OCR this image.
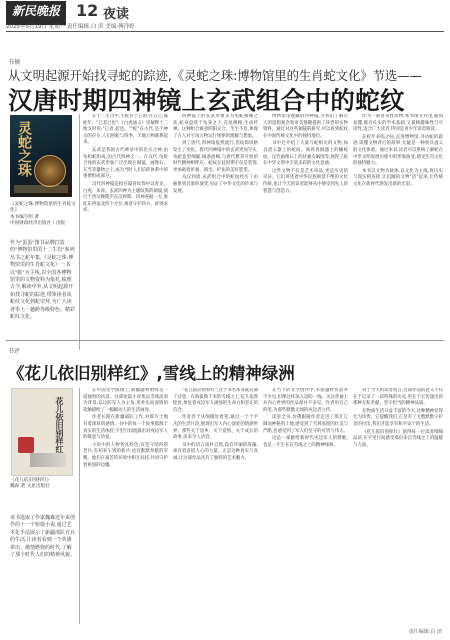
新民晚报 12 夜读
2025年5月19日 星期一 责任编辑:白 滨 美编:傅洋婷
书摘
从文明起源开始找寻蛇的踪迹,《灵蛇之珠:博物馆里的生肖蛇文化》节选——
汉唐时期四神镜上玄武组合中的蛇纹
灵蛇之珠
《灵蛇之珠:博物馆里的生肖蛇文化》
本书编写组 著
中国财政经济出版社 / 出版
作为"蛋蛋"图书品牌打造的"博物馆里的十二生肖"系列丛书之蛇年集,《灵蛇之珠:博物馆里的生肖蛇文化》一书以"蛇"为主线,以全国各博物馆里的文物资料为依托,梳理古今,解读中外,从文明起源开始找寻蛇的踪迹,带领读者从蛇纹文化到蛇崇拜,为广大读者奉上一趟跨等级特色、精彩蛇纹文化。

在十二生肖中,主蛇位于巳时,在五巳,属蛇年。"巳者已也",《白虎通义》里解释十二地支时说:"巳者,起也。""蛇"在古代,是个神圣的存在,人们将蛇与四季、天地万物联系起来。

玄武是我国古代神话中的北方之神,由龟和蛇组成,因古代四神之一。在汉代,龟蛇合体的玄武形象广泛出现在铜镜、画像石、瓦当等器物之上,成为当时人们信仰体系中的重要组成部分。

汉代四神镜是指在镜背纹饰中以青龙、白虎、朱雀、玄武四神为主题纹饰的铜镜,流行于西汉晚期至东汉时期。四神各据一方,象征东西南北四个方位,寓意守护四方、辟邪求祥。

四神镜上的玄武形象多为龟蛇相缠之状,蛇身盘绕于龟身之上,首尾相顾,生动传神。这种组合寓意阴阳交合、生生不息,体现了古人对宇宙万物运行规律的理解与想象。

到了唐代,四神镜依然流行,但纹饰风格发生了变化。唐代四神镜中的玄武更加写实,龟蛇造型细腻,线条流畅,与唐代繁荣开放的时代精神相呼应。蛇纹在此时期不仅是装饰,更承载着祈福、镇宅、护佑的美好愿望。

从汉到唐,玄武组合中的蛇纹经历了由抽象到具象的演变,见证了中华文化的传承与发展。

博物馆里收藏的四神镜,为我们了解古人的思想观念和审美情趣提供了珍贵的实物资料。通过对这些铜镜的研究,可以看到蛇纹在中国传统文化中的独特地位。

书中还介绍了大量与蛇相关的文物,如良渚玉器上的蛇纹、商周青铜器上的蟠蛇纹、汉代画像石上的伏羲女娲图等,展现了蛇在中华文明中丰富多彩的文化意涵。

这些文物不仅是艺术珍品,更是历史的见证。它们讲述着中华民族绵延不绝的文化传统,也让今天的读者能够从中感受到先人的智慧与创造力。

作为一部普及性读物,本书图文并茂,通俗易懂,既有扎实的学术基础,又兼顾趣味性与可读性,适合广大读者,特别是青少年读者阅读。

在蛇年来临之际,走进博物馆,寻访蛇的踪迹,读懂文物背后的故事,无疑是一种别具意义的文化体验。通过本书,读者可以系统了解蛇在中华文明发展历程中的形象演变,感受生肖文化的独特魅力。

本书以文物为载体,以文化为主线,将历史与现实相连接,让沉睡的文物"活"起来,让传统文化在新时代焕发出新的光彩。

书评
《花儿依旧别样红》,雪线上的精神绿洲
花儿依旧别样红
《花儿依旧别样红》
魏森 著 文思出版社
该书选取了作家魏森近年来创作的十一个短篇小说,通过艺术化手法展示了新疆部队官兵的生活,让读者看到一个英雄辈出、激情燃烧的时代,了解了那个时代人们的精神风貌。

在中国文学版图上,新疆题材始终是一道独特的风景。这部短篇小说集以雪域高原为背景,以边防军人为主角,用朴实而深情的笔触描绘了一幅幅动人的生活画卷。

作者长期在新疆部队工作,对那片土地有着深厚的感情。书中的每一个故事都源于真实的生活体验,字里行间流露出对戍边军人的敬意与热爱。

小说中的人物各具特色,有坚守哨所的老兵,有初来乍到的新兵,也有默默奉献的军嫂。他们在艰苦的环境中相互扶持,共同守护着祖国的边疆。

"花儿依旧别样红",这个书名本身就充满了诗意。在海拔数千米的雪线之上,花儿依然绽放,象征着戍边军人顽强的生命力和坚定的信念。

作者善于从细微处着笔,通过一个个平凡的生活片段,展现出军人内心深处的情感世界。那些关于思乡、关于爱情、关于成长的故事,读来令人动容。

书中的语言质朴自然,没有华丽的辞藻,却有着直抵人心的力量。正是这种真实与真诚,让这部作品具有了独特的艺术魅力。

在当下的文学创作中,军旅题材作品并不少见,但像这样深入边防一线、关注普通士兵内心世界的作品却并不多见。作者用自己的笔,为那些默默无闻的戍边者立传。

读罢全书,仿佛跟随作者走进了那片辽阔而神秘的土地,感受到了雪域高原的壮美与严酷,也感受到了军人们坚守的可贵与伟大。

这是一部献给新时代戍边军人的赞歌,也是一片生长在雪线之上的精神绿洲。

对于今天的读者而言,这部作品的意义不仅在于记录了一段特殊的历史,更在于它传递出的那种无私奉献、坚守担当的精神品质。

在物质生活日益丰富的今天,这种精神显得尤为珍贵。它提醒我们,正是有了无数默默守护者的付出,我们才能享有和平安宁的生活。

《花儿依旧别样红》值得每一位读者细细品读,在字里行间感受那份来自雪线之上的温暖与力量。

责任编辑:白 滨
